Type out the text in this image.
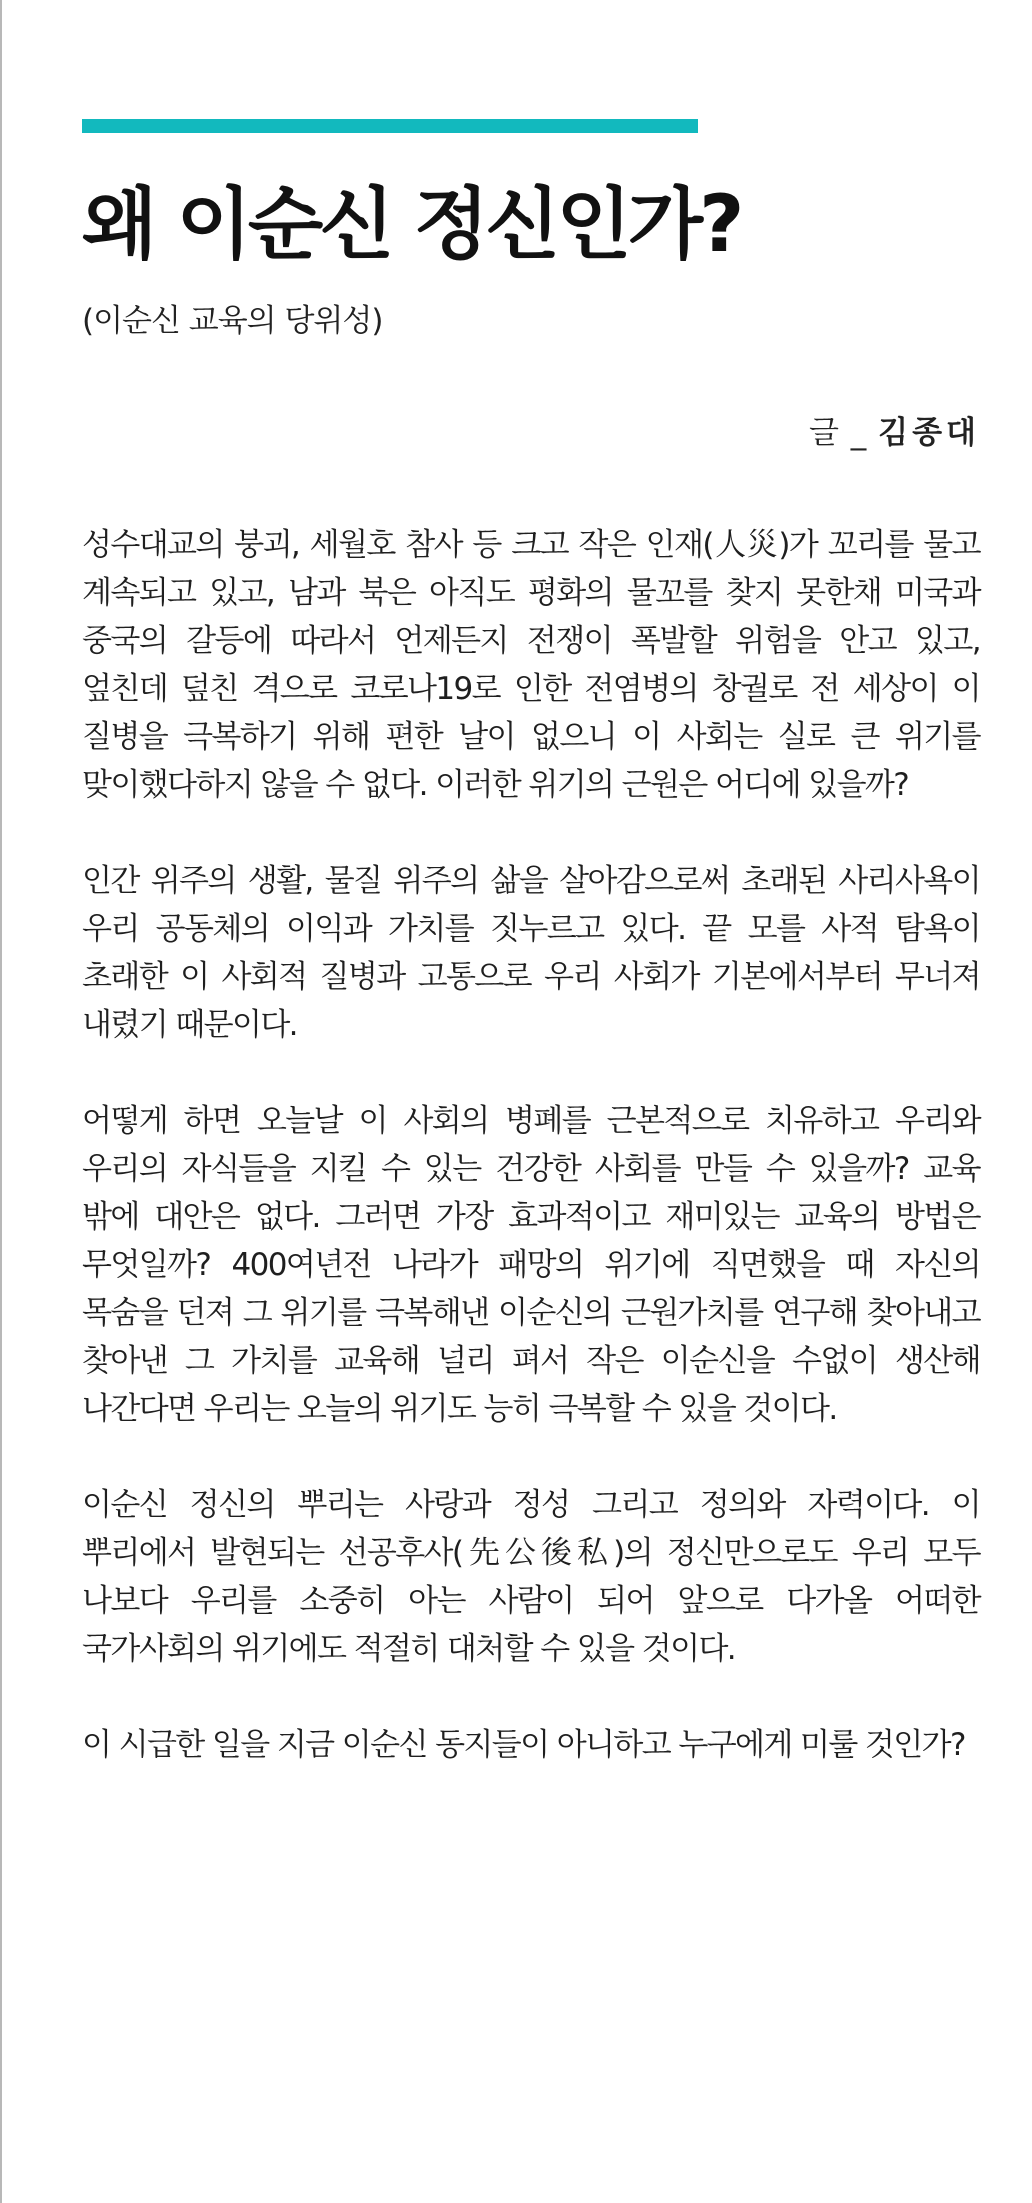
왜 이순신 정신인가?
(이순신 교육의 당위성)
글 _ 김종대

성수대교의 붕괴, 세월호 참사 등 크고 작은 인재(人災)가 꼬리를 물고 계속되고 있고, 남과 북은 아직도 평화의 물꼬를 찾지 못한채 미국과 중국의 갈등에 따라서 언제든지 전쟁이 폭발할 위험을 안고 있고, 엎친데 덮친 격으로 코로나19로 인한 전염병의 창궐로 전 세상이 이 질병을 극복하기 위해 편한 날이 없으니 이 사회는 실로 큰 위기를 맞이했다하지 않을 수 없다. 이러한 위기의 근원은 어디에 있을까?

인간 위주의 생활, 물질 위주의 삶을 살아감으로써 초래된 사리사욕이 우리 공동체의 이익과 가치를 짓누르고 있다. 끝 모를 사적 탐욕이 초래한 이 사회적 질병과 고통으로 우리 사회가 기본에서부터 무너져 내렸기 때문이다.

어떻게 하면 오늘날 이 사회의 병폐를 근본적으로 치유하고 우리와 우리의 자식들을 지킬 수 있는 건강한 사회를 만들 수 있을까? 교육 밖에 대안은 없다. 그러면 가장 효과적이고 재미있는 교육의 방법은 무엇일까? 400여년전 나라가 패망의 위기에 직면했을 때 자신의 목숨을 던져 그 위기를 극복해낸 이순신의 근원가치를 연구해 찾아내고 찾아낸 그 가치를 교육해 널리 펴서 작은 이순신을 수없이 생산해 나간다면 우리는 오늘의 위기도 능히 극복할 수 있을 것이다.

이순신 정신의 뿌리는 사랑과 정성 그리고 정의와 자력이다. 이 뿌리에서 발현되는 선공후사(先公後私)의 정신만으로도 우리 모두 나보다 우리를 소중히 아는 사람이 되어 앞으로 다가올 어떠한 국가사회의 위기에도 적절히 대처할 수 있을 것이다.

이 시급한 일을 지금 이순신 동지들이 아니하고 누구에게 미룰 것인가?
